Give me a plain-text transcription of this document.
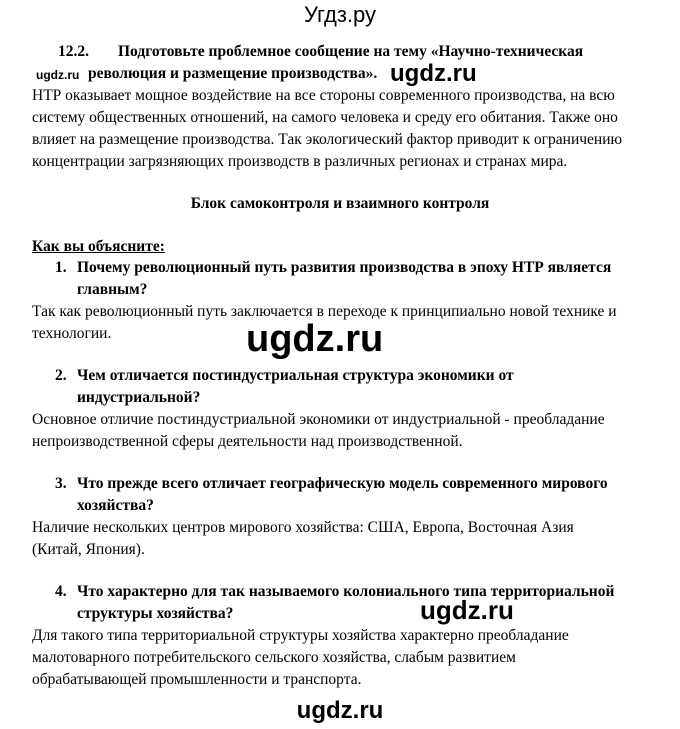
Угдз.ру
12.2. Подготовьте проблемное сообщение на тему «Научно-техническая
ugdz.ru революция и размещение производства». ugdz.ru
НТР оказывает мощное воздействие на все стороны современного производства, на всю
систему общественных отношений, на самого человека и среду его обитания. Также оно
влияет на размещение производства. Так экологический фактор приводит к ограничению
концентрации загрязняющих производств в различных регионах и странах мира.
Блок самоконтроля и взаимного контроля
Как вы объясните:
1. Почему революционный путь развития производства в эпоху НТР является
главным?
Так как революционный путь заключается в переходе к принципиально новой технике и
технологии.	ugdz.ru
2. Чем отличается постиндустриальная структура экономики от
индустриальной?
Основное отличие постиндустриальной экономики от индустриальной - преобладание
непроизводственной сферы деятельности над производственной.
3. Что прежде всего отличает географическую модель современного мирового
хозяйства?
Наличие нескольких центров мирового хозяйства: США, Европа, Восточная Азия
(Китай, Япония).
4. Что характерно для так называемого колониального типа территориальной
структуры хозяйства?	ugdz.ru
Для такого типа территориальной структуры хозяйства характерно преобладание
малотоварного потребительского сельского хозяйства, слабым развитием
обрабатывающей промышленности и транспорта.
ugdz.ru
